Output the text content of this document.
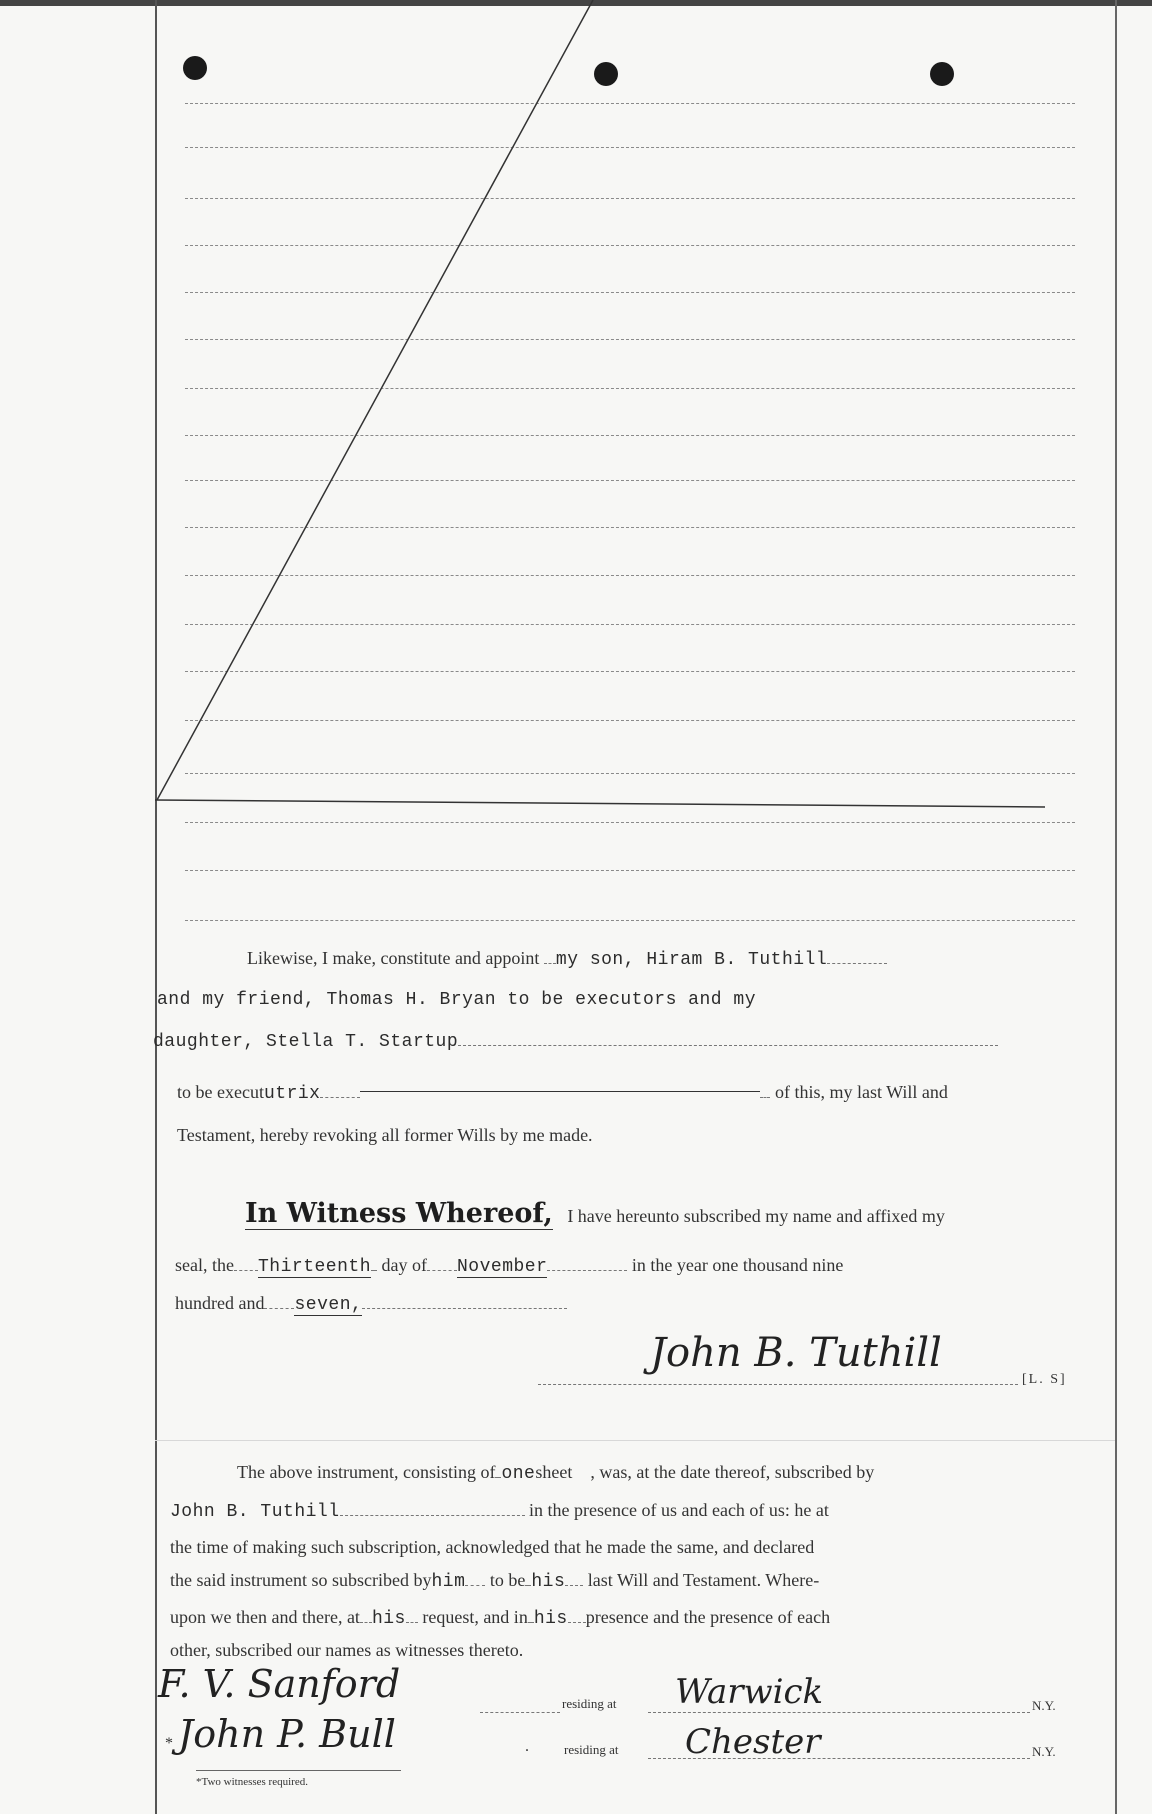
Likewise, I make, constitute and appoint my son, Hiram B. Tuthill
and my friend, Thomas H. Bryan to be executors and my
daughter, Stella T. Startup
to be execututrix	of this, my last Will and
Testament, hereby revoking all former Wills by me made.
In Witness Whereof, I have hereunto subscribed my name and affixed my
seal, the Thirteenth day of November	in the year one thousand nine
hundred and seven,
John B. Tuthill
[L. S]
The above instrument, consisting of onesheet , was, at the date thereof, subscribed by
John B. Tuthill	in the presence of us and each of us: he at
the time of making such subscription, acknowledged that he made the same, and declared
the said instrument so subscribed byhim to be his last Will and Testament. Where-
upon we then and there, at his request, and in his presence and the presence of each
other, subscribed our names as witnesses thereto.
F. V. Sanford	residing at Warwick	N.Y.
* John P. Bull	.	residing at Chester	N.Y.
*Two witnesses required.
